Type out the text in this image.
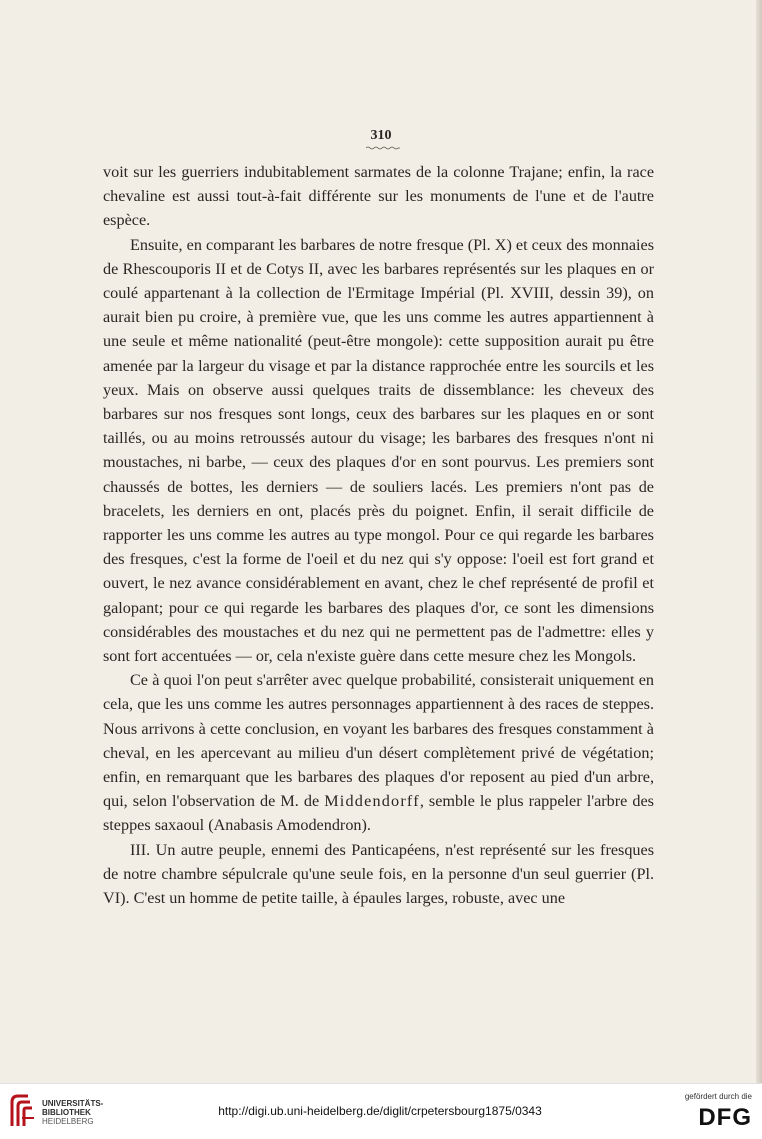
310

voit sur les guerriers indubitablement sarmates de la colonne Trajane; enfin, la race chevaline est aussi tout-à-fait différente sur les monuments de l'une et de l'autre espèce.

Ensuite, en comparant les barbares de notre fresque (Pl. X) et ceux des monnaies de Rhescouporis II et de Cotys II, avec les barbares représentés sur les plaques en or coulé appartenant à la collection de l'Ermitage Impérial (Pl. XVIII, dessin 39), on aurait bien pu croire, à première vue, que les uns comme les autres appartiennent à une seule et même nationalité (peut-être mongole): cette supposition aurait pu être amenée par la largeur du visage et par la distance rapprochée entre les sourcils et les yeux. Mais on observe aussi quelques traits de dissemblance: les cheveux des barbares sur nos fresques sont longs, ceux des barbares sur les plaques en or sont taillés, ou au moins retroussés autour du visage; les barbares des fresques n'ont ni moustaches, ni barbe, — ceux des plaques d'or en sont pourvus. Les premiers sont chaussés de bottes, les derniers — de souliers lacés. Les premiers n'ont pas de bracelets, les derniers en ont, placés près du poignet. Enfin, il serait difficile de rapporter les uns comme les autres au type mongol. Pour ce qui regarde les barbares des fresques, c'est la forme de l'oeil et du nez qui s'y oppose: l'oeil est fort grand et ouvert, le nez avance considérablement en avant, chez le chef représenté de profil et galopant; pour ce qui regarde les barbares des plaques d'or, ce sont les dimensions considérables des moustaches et du nez qui ne permettent pas de l'admettre: elles y sont fort accentuées — or, cela n'existe guère dans cette mesure chez les Mongols.

Ce à quoi l'on peut s'arrêter avec quelque probabilité, consisterait uniquement en cela, que les uns comme les autres personnages appartiennent à des races de steppes. Nous arrivons à cette conclusion, en voyant les barbares des fresques constamment à cheval, en les apercevant au milieu d'un désert complètement privé de végétation; enfin, en remarquant que les barbares des plaques d'or reposent au pied d'un arbre, qui, selon l'observation de M. de Middendorff, semble le plus rappeler l'arbre des steppes saxaoul (Anabasis Amodendron).

III. Un autre peuple, ennemi des Panticapéens, n'est représenté sur les fresques de notre chambre sépulcrale qu'une seule fois, en la personne d'un seul guerrier (Pl. VI). C'est un homme de petite taille, à épaules larges, robuste, avec une

UNIVERSITÄTS-
BIBLIOTHEK
HEIDELBERG
http://digi.ub.uni-heidelberg.de/diglit/crpetersbourg1875/0343
gefördert durch die
DFG
